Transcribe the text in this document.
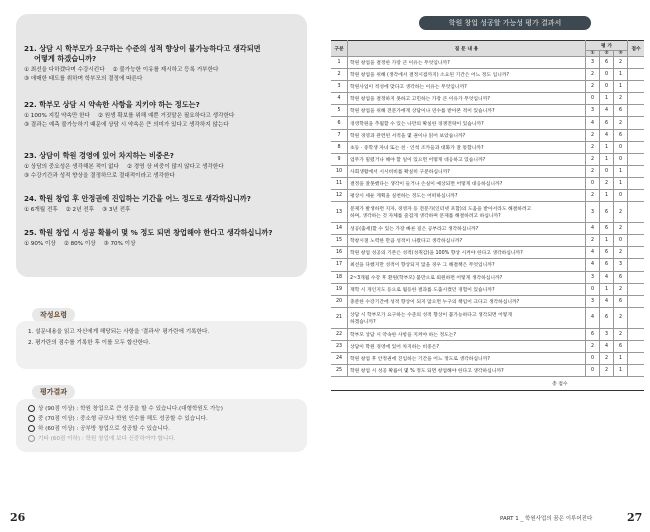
21. 상담 시 학부모가 요구하는 수준의 성적 향상이 불가능하다고 생각되면
어떻게 하겠습니까?
① 최선을 다하겠다며 수강시킨다 ② 불가능한 이유를 제시하고 등록 거부한다
③ 애매한 태도를 취하며 학부모의 결정에 따른다
22. 학부모 상담 시 약속한 사항을 지키야 하는 정도는?
① 100% 지킬 약속만 한다 ② 원생 확보를 위해 예쁜 거짓말은 필요하다고 생각한다
③ 결과는 예측 불가능하기 때문에 상담 시 약속은 큰 의미가 있다고 생각하지 않는다
23. 상담이 학원 경영에 있어 차지하는 비중은?
① 상담의 중요성은 생각해본 적이 없다 ② 경영 상 비중이 많지 않다고 생각한다
③ 수강기간과 성적 향상을 결정하므로 절대적이라고 생각한다
24. 학원 창업 후 안정권에 진입하는 기간을 어느 정도로 생각하십니까?
① 6개월 전후 ② 2년 전후 ③ 3년 전후
25. 학원 창업 시 성공 확률이 몇 % 정도 되면 창업해야 한다고 생각하십니까?
① 90% 이상 ② 80% 이상 ③ 70% 이상
작성요령
1. 설문내용을 읽고 자신에게 해당되는 사항을 '결과서' 평가란에 기록한다.
2. 평가란의 점수를 기록한 후 이를 모두 합산한다.
평가결과
상 (90점 이상) : 학원 창업으로 큰 성공을 할 수 있습니다.(대형학원도 가능)
중 (70점 이상) : 중소형 규모나 학원 인수를 해도 성공할 수 있습니다.
하 (60점 이상) : 공부방 창업으로 성공할 수 있습니다.
기타 (60점 이하) : 학원 창업에 보다 신중하여야 합니다.
26
학원 창업 성공할 가능성 평가 결과서
구분	질 문 내 용	평 가			점수
		①	②	③	
1	학원 창업을 결정한 가장 큰 이유는 무엇입니까?	3	6	2	
2	학원 창업을 위해 (생각에서 결정시점까지) 소요된 기간은 어느 정도 입니까?	2	0	1	
3	학원사업이 적성에 맞다고 생각하는 이유는 무엇입니까?	2	0	1	
4	학원 창업을 결정하지 못하고 고민하는 가장 큰 이유가 무엇입니까?	0	1	2	
5	학원 창업을 위해 전문가에게 상담이나 연수를 받아본 적이 있습니까?	3	4	6	
6	경영학원을 추월할 수 있는 나만의 확실한 경쟁전략이 있습니까?	4	6	2	
7	학원 경영과 관련된 서적을 몇 권이나 읽어 보았습니까?	2	4	6	
8	초등 · 중학생 자녀 또는 친 · 인척 조카들과 대화가 잘 통합니까?	2	1	0	
9	업무가 밀렸거나 해야 할 일이 있으면 어떻게 대응하고 있습니까?	2	1	0	
10	사회생활에서 시시비비를 확실히 구분하십니까?	2	0	1	
11	결정을 잘못했다는 생각이 들거나 손실이 예상되면 어떻게 대응하십니까?	0	2	1	
12	평상시 세운 계획을 실천하는 정도는 어떠하십니까?	2	1	0	
13	문제가 발생하면 지자, 경영자 등 전문가(인터넷 포함)의 도움을 받아서라도 해결하려고
하며, 생각하는 것 자체를 즐겁게 생각하며 문제를 해결하려고 하십니까?	3	6	2	
14	성공(출세)할 수 있는 가장 빠른 길은 공부라고 생각하십니까?	4	6	2	
15	학창시절 노력한 만큼 성적이 나왔다고 생각하십니까?	2	1	0	
16	학원 창업 성공의 기본은 성적(성취감)을 100% 향상 시켜야 한다고 생각하십니까?	4	6	2	
17	최선을 다했지만 성적이 향상되지 않을 경우 그 해결책은 무엇입니까?	4	6	3	
18	2~3개월 수강 후 환원(학부모) 불만으로 퇴원하면 어떻게 생각하십니까?	3	4	6	
19	재학 시 개인지도 등으로 월등한 결과를 도출시켰던 경험이 있습니까?	0	1	2	
20	충분한 수강기간에 성적 향상이 되지 않으면 누구의 책임이 크다고 생각하십니까?	3	4	6	
21	상담 시 학부모가 요구하는 수준의 성적 향상이 불가능하다고 생각되면 어떻게
하겠습니까?	4	6	2	
22	학부모 상담 시 약속한 사항을 지켜야 하는 정도는?	6	3	2	
23	상담이 학원 경영에 있어 차지하는 비중은?	2	4	6	
24	학원 창업 후 안정권에 진입하는 기간을 어느 정도로 생각하십니까?	0	2	1	
25	학원 창업 시 성공 확률이 몇 % 정도 되면 창업해야 한다고 생각하십니까?	0	2	1	
총 점수					
PART 1 _ 학원사업의 꿈은 이루어진다	27
